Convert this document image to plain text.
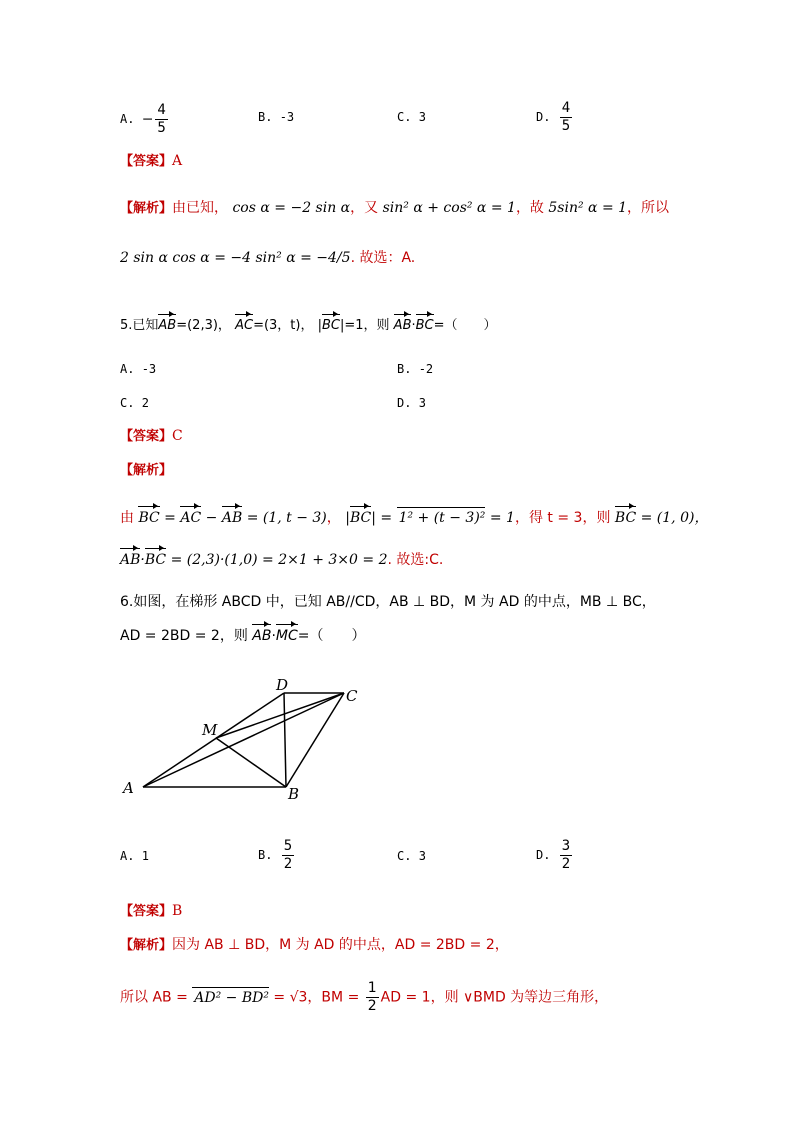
A. − $\frac{4}{5}$	B. -3	C. 3	D. $\frac{4}{5}$
【答案】A
【解析】由已知， cos α = −2 sin α，又 sin² α + cos² α = 1，故 5sin² α = 1，所以
2 sin α cos α = −4 sin² α = −4/5. 故选：A.
5.已知AB=(2,3)， AC=(3，t)， |BC|=1，则 AB·BC=（　　）
A. -3	B. -2
C. 2	D. 3
【答案】C
【解析】
由 BC = AC − AB = (1, t − 3)， |BC| = 1² + (t − 3)² = 1，得 t = 3，则 BC = (1, 0)，
AB·BC = (2,3)·(1,0) = 2×1 + 3×0 = 2. 故选:C.
6.如图，在梯形 ABCD 中，已知 AB//CD，AB ⊥ BD，M 为 AD 的中点，MB ⊥ BC，
AD = 2BD = 2，则 AB·MC=（　　）
A	B
C
D
M
A. 1	B. $\frac{5}{2}$	C. 3	D. $\frac{3}{2}$
【答案】B
【解析】因为 AB ⊥ BD，M 为 AD 的中点，AD = 2BD = 2，
所以 AB = AD² − BD² = √3，BM = $\frac{1}{2}$ AD = 1，则 ∨BMD 为等边三角形，
